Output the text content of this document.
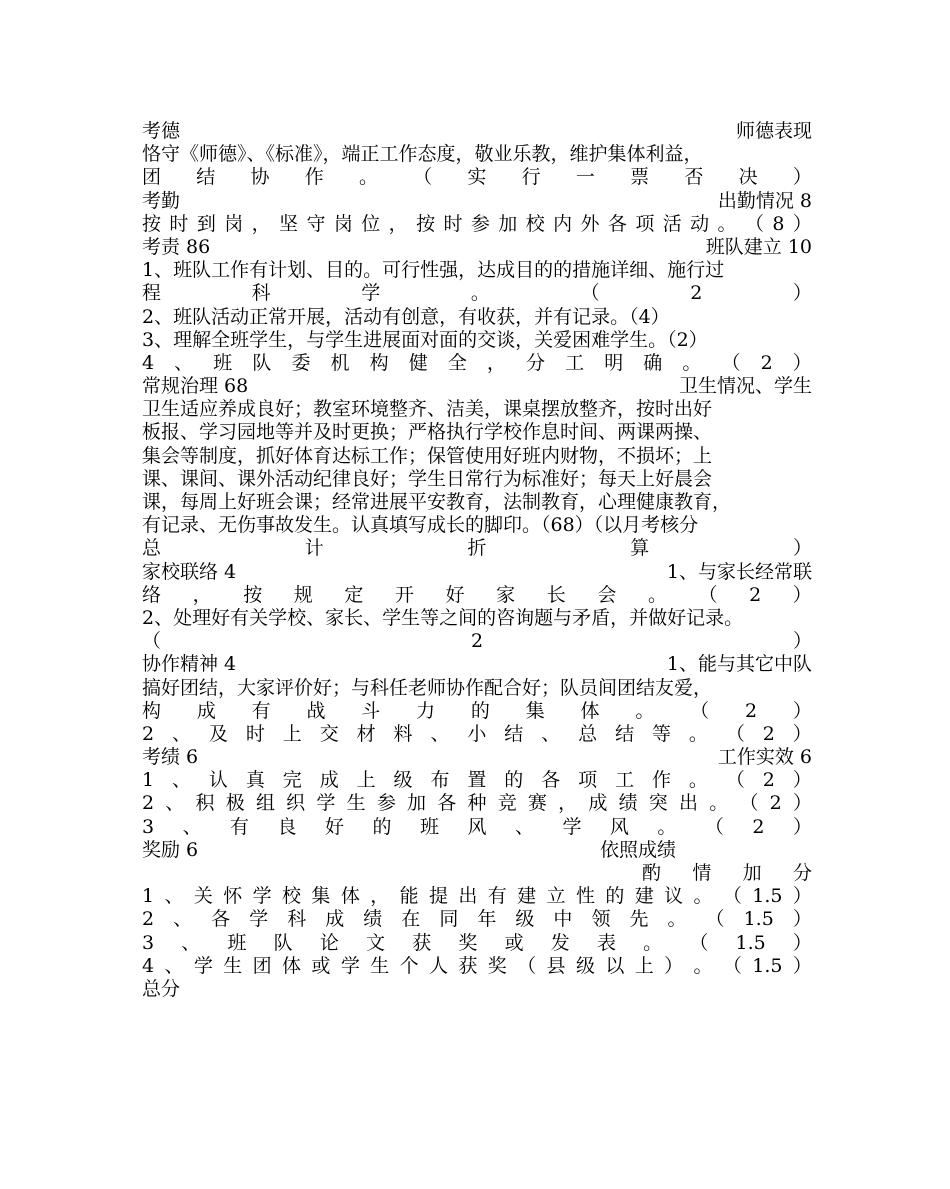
考德	师德表现
恪守《师德》、《标准》，端正工作态度，敬业乐教，维护集体利益，
团 结 协 作 。 （ 实 行 一 票 否 决 ）
考勤	出勤情况 8
按 时 到 岗 ， 坚 守 岗 位 ， 按 时 参 加 校 内 外 各 项 活 动 。 （ 8 ）
考责 86	班队建立 10
1、班队工作有计划、目的。可行性强，达成目的的措施详细、施行过
程	科	学	。	（	2	）
2、班队活动正常开展，活动有创意，有收获，并有记录。（4）
3、理解全班学生，与学生进展面对面的交谈，关爱困难学生。（2）
4 、 班 队 委 机 构 健 全 ， 分 工 明 确 。 （ 2 ）
常规治理 68	卫生情况、学生
卫生适应养成良好；教室环境整齐、洁美，课桌摆放整齐，按时出好
板报、学习园地等并及时更换；严格执行学校作息时间、两课两操、
集会等制度，抓好体育达标工作；保管使用好班内财物，不损坏；上
课、课间、课外活动纪律良好；学生日常行为标准好；每天上好晨会
课，每周上好班会课；经常进展平安教育，法制教育，心理健康教育，
有记录、无伤事故发生。认真填写成长的脚印。（68）（以月考核分
总	计	折	算	）
家校联络 4	1、与家长经常联
络 ， 按 规 定 开 好 家 长 会 。 （ 2 ）
2、处理好有关学校、家长、学生等之间的咨询题与矛盾，并做好记录。
（	2	）
协作精神 4	1、能与其它中队
搞好团结，大家评价好；与科任老师协作配合好；队员间团结友爱，
构 成 有 战 斗 力 的 集 体 。 （ 2 ）
2 、 及 时 上 交 材 料 、 小 结 、 总 结 等 。 （ 2 ）
考绩 6	工作实效 6
1 、 认 真 完 成 上 级 布 置 的 各 项 工 作 。 （ 2 ）
2 、 积 极 组 织 学 生 参 加 各 种 竞 赛 ， 成 绩 突 出 。 （ 2 ）
3 、 有 良 好 的 班 风 、 学 风 。 （ 2 ）
奖励 6	依照成绩
酌 情 加 分
1 、 关 怀 学 校 集 体 ， 能 提 出 有 建 立 性 的 建 议 。 （ 1.5 ）
2 、 各 学 科 成 绩 在 同 年 级 中 领 先 。 （ 1.5 ）
3 、 班 队 论 文 获 奖 或 发 表 。 （ 1.5 ）
4 、 学 生 团 体 或 学 生 个 人 获 奖 （ 县 级 以 上 ） 。 （ 1.5 ）
总分
